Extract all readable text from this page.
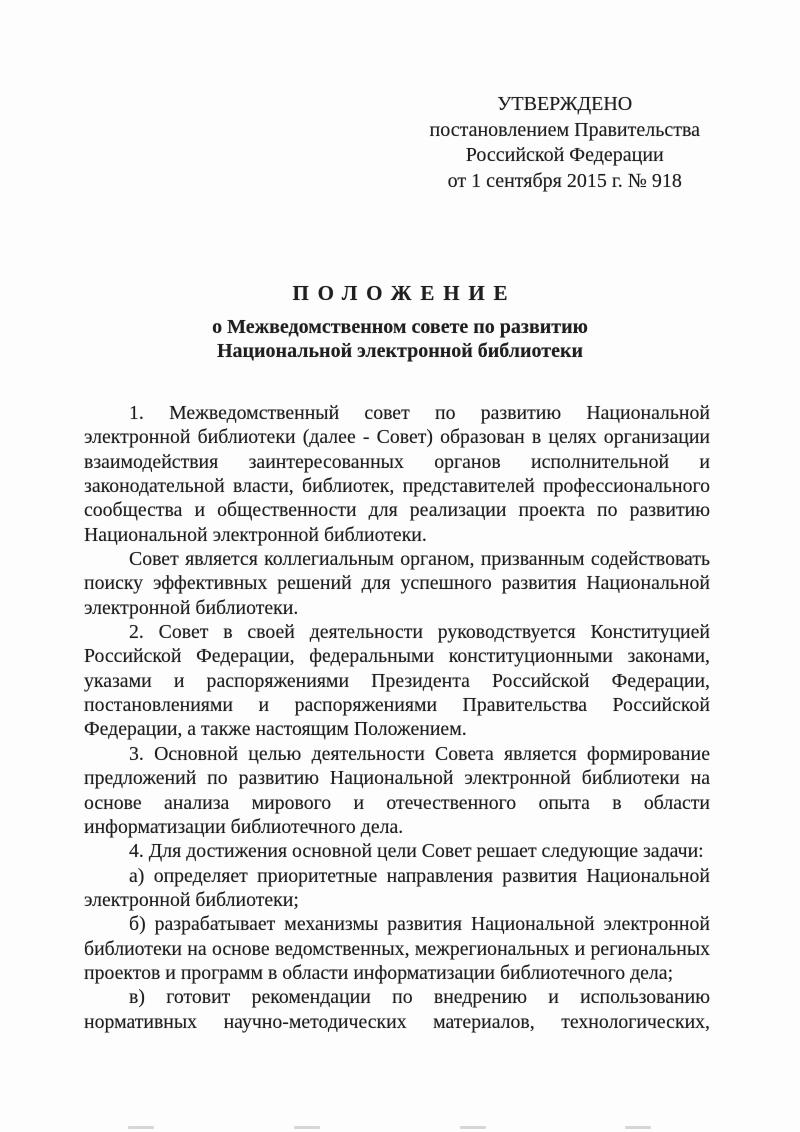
УТВЕРЖДЕНО
постановлением Правительства
Российской Федерации
от 1 сентября 2015 г. № 918
ПОЛОЖЕНИЕ
о Межведомственном совете по развитию
Национальной электронной библиотеки

1. Межведомственный совет по развитию Национальной электронной библиотеки (далее - Совет) образован в целях организации взаимодействия заинтересованных органов исполнительной и законодательной власти, библиотек, представителей профессионального сообщества и общественности для реализации проекта по развитию Национальной электронной библиотеки.

Совет является коллегиальным органом, призванным содействовать поиску эффективных решений для успешного развития Национальной электронной библиотеки.

2. Совет в своей деятельности руководствуется Конституцией Российской Федерации, федеральными конституционными законами, указами и распоряжениями Президента Российской Федерации, постановлениями и распоряжениями Правительства Российской Федерации, а также настоящим Положением.

3. Основной целью деятельности Совета является формирование предложений по развитию Национальной электронной библиотеки на основе анализа мирового и отечественного опыта в области информатизации библиотечного дела.

4. Для достижения основной цели Совет решает следующие задачи:

а) определяет приоритетные направления развития Национальной электронной библиотеки;

б) разрабатывает механизмы развития Национальной электронной библиотеки на основе ведомственных, межрегиональных и региональных проектов и программ в области информатизации библиотечного дела;

в) готовит рекомендации по внедрению и использованию нормативных научно-методических материалов, технологических,
